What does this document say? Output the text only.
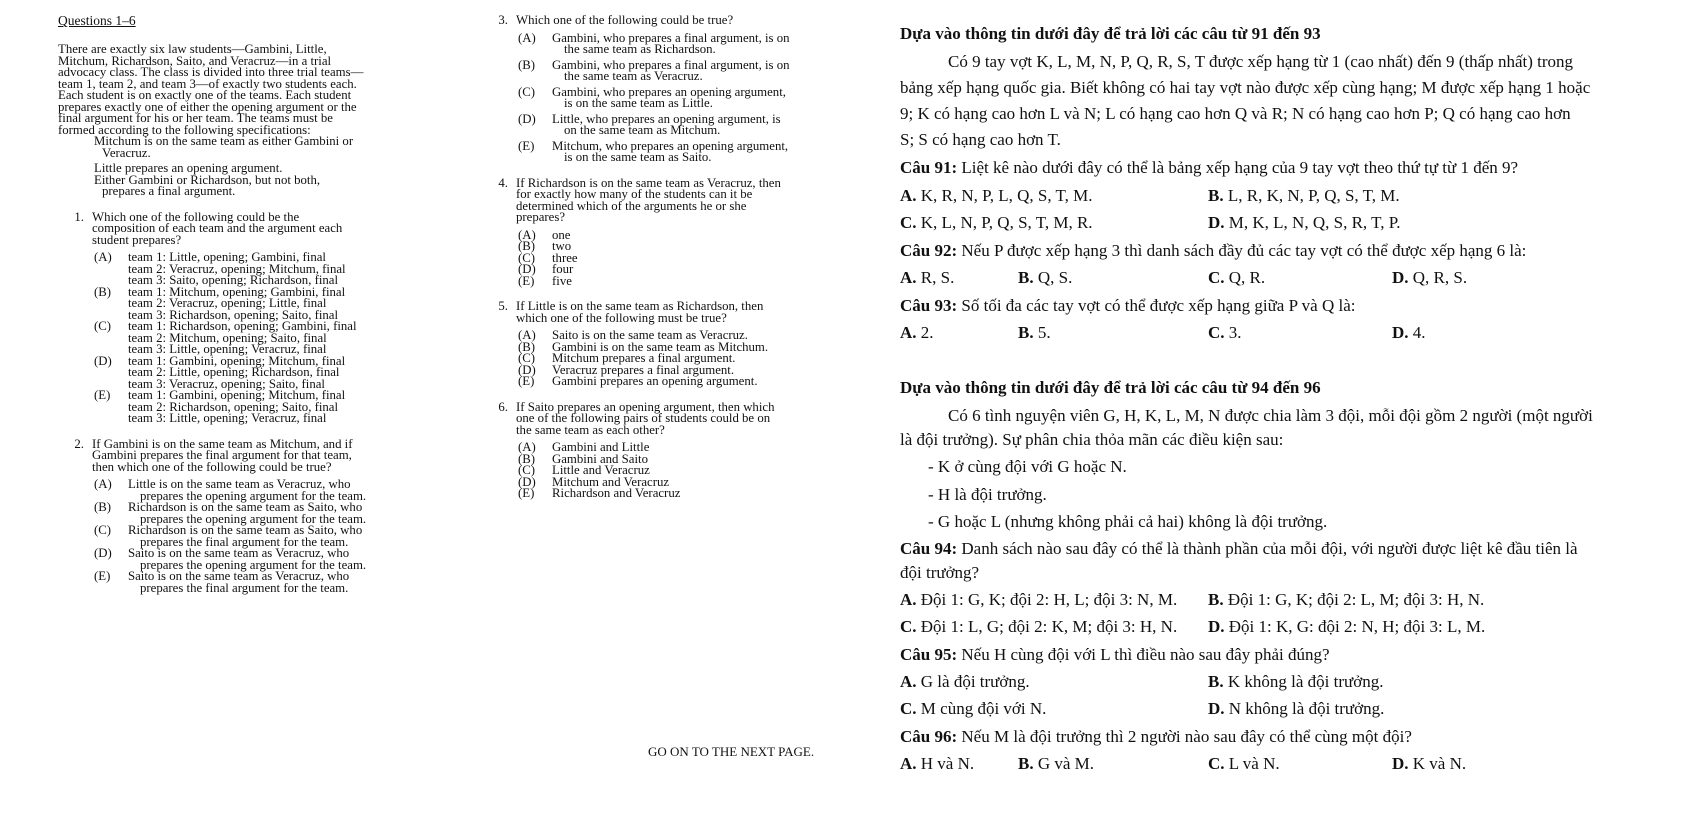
Questions 1–6
There are exactly six law students—Gambini, Little,
Mitchum, Richardson, Saito, and Veracruz—in a trial
advocacy class. The class is divided into three trial teams—
team 1, team 2, and team 3—of exactly two students each.
Each student is on exactly one of the teams. Each student
prepares exactly one of either the opening argument or the
final argument for his or her team. The teams must be
formed according to the following specifications:
Mitchum is on the same team as either Gambini or
Veracruz.
Little prepares an opening argument.
Either Gambini or Richardson, but not both,
prepares a final argument.
1. Which one of the following could be the
composition of each team and the argument each
student prepares?
(A)	team 1: Little, opening; Gambini, final
team 2: Veracruz, opening; Mitchum, final
team 3: Saito, opening; Richardson, final
(B)	team 1: Mitchum, opening; Gambini, final
team 2: Veracruz, opening; Little, final
team 3: Richardson, opening; Saito, final
(C)	team 1: Richardson, opening; Gambini, final
team 2: Mitchum, opening; Saito, final
team 3: Little, opening; Veracruz, final
(D)	team 1: Gambini, opening; Mitchum, final
team 2: Little, opening; Richardson, final
team 3: Veracruz, opening; Saito, final
(E)	team 1: Gambini, opening; Mitchum, final
team 2: Richardson, opening; Saito, final
team 3: Little, opening; Veracruz, final
2. If Gambini is on the same team as Mitchum, and if
Gambini prepares the final argument for that team,
then which one of the following could be true?
(A)	Little is on the same team as Veracruz, who
prepares the opening argument for the team.
(B)	Richardson is on the same team as Saito, who
prepares the opening argument for the team.
(C)	Richardson is on the same team as Saito, who
prepares the final argument for the team.
(D)	Saito is on the same team as Veracruz, who
prepares the opening argument for the team.
(E)	Saito is on the same team as Veracruz, who
prepares the final argument for the team.
3. Which one of the following could be true?
(A)	Gambini, who prepares a final argument, is on
the same team as Richardson.
(B)	Gambini, who prepares a final argument, is on
the same team as Veracruz.
(C)	Gambini, who prepares an opening argument,
is on the same team as Little.
(D)	Little, who prepares an opening argument, is
on the same team as Mitchum.
(E)	Mitchum, who prepares an opening argument,
is on the same team as Saito.
4. If Richardson is on the same team as Veracruz, then
for exactly how many of the students can it be
determined which of the arguments he or she
prepares?
(A)	one
(B)	two
(C)	three
(D)	four
(E)	five
5. If Little is on the same team as Richardson, then
which one of the following must be true?
(A)	Saito is on the same team as Veracruz.
(B)	Gambini is on the same team as Mitchum.
(C)	Mitchum prepares a final argument.
(D)	Veracruz prepares a final argument.
(E)	Gambini prepares an opening argument.
6. If Saito prepares an opening argument, then which
one of the following pairs of students could be on
the same team as each other?
(A)	Gambini and Little
(B)	Gambini and Saito
(C)	Little and Veracruz
(D)	Mitchum and Veracruz
(E)	Richardson and Veracruz
GO ON TO THE NEXT PAGE.
Dựa vào thông tin dưới đây để trả lời các câu từ 91 đến 93
Có 9 tay vợt K, L, M, N, P, Q, R, S, T được xếp hạng từ 1 (cao nhất) đến 9 (thấp nhất) trong
bảng xếp hạng quốc gia. Biết không có hai tay vợt nào được xếp cùng hạng; M được xếp hạng 1 hoặc
9; K có hạng cao hơn L và N; L có hạng cao hơn Q và R; N có hạng cao hơn P; Q có hạng cao hơn
S; S có hạng cao hơn T.
Câu 91: Liệt kê nào dưới đây có thể là bảng xếp hạng của 9 tay vợt theo thứ tự từ 1 đến 9?
A. K, R, N, P, L, Q, S, T, M.	B. L, R, K, N, P, Q, S, T, M.
C. K, L, N, P, Q, S, T, M, R.	D. M, K, L, N, Q, S, R, T, P.
Câu 92: Nếu P được xếp hạng 3 thì danh sách đầy đủ các tay vợt có thể được xếp hạng 6 là:
A. R, S.	B. Q, S.	C. Q, R.	D. Q, R, S.
Câu 93: Số tối đa các tay vợt có thể được xếp hạng giữa P và Q là:
A. 2.	B. 5.	C. 3.	D. 4.
Dựa vào thông tin dưới đây để trả lời các câu từ 94 đến 96
Có 6 tình nguyện viên G, H, K, L, M, N được chia làm 3 đội, mỗi đội gồm 2 người (một người
là đội trưởng). Sự phân chia thỏa mãn các điều kiện sau:
- K ở cùng đội với G hoặc N.
- H là đội trưởng.
- G hoặc L (nhưng không phải cả hai) không là đội trưởng.
Câu 94: Danh sách nào sau đây có thể là thành phần của mỗi đội, với người được liệt kê đầu tiên là
đội trưởng?
A. Đội 1: G, K; đội 2: H, L; đội 3: N, M. B. Đội 1: G, K; đội 2: L, M; đội 3: H, N.
C. Đội 1: L, G; đội 2: K, M; đội 3: H, N. D. Đội 1: K, G: đội 2: N, H; đội 3: L, M.
Câu 95: Nếu H cùng đội với L thì điều nào sau đây phải đúng?
A. G là đội trưởng.	B. K không là đội trưởng.
C. M cùng đội với N.	D. N không là đội trưởng.
Câu 96: Nếu M là đội trưởng thì 2 người nào sau đây có thể cùng một đội?
A. H và N.	B. G và M.	C. L và N.	D. K và N.
